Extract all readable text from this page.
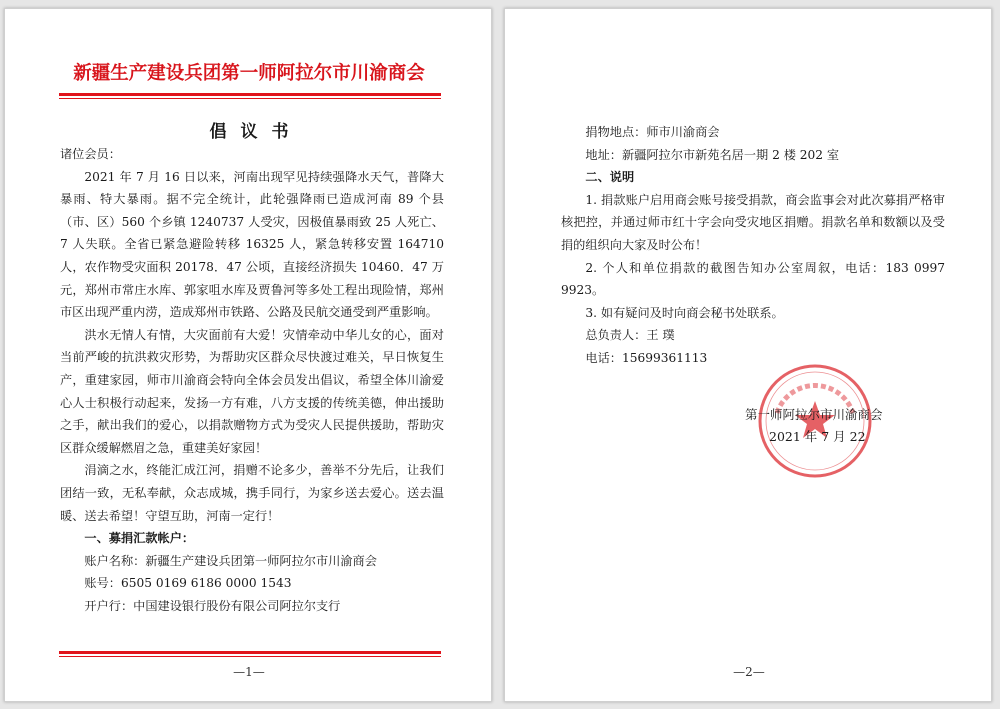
新疆生产建设兵团第一师阿拉尔市川渝商会
倡议书

诸位会员：

2021 年 7 月 16 日以来，河南出现罕见持续强降水天气，普降大暴雨、特大暴雨。据不完全统计，此轮强降雨已造成河南 89 个县（市、区）560 个乡镇 1240737 人受灾，因极值暴雨致 25 人死亡、7 人失联。全省已紧急避险转移 16325 人，紧急转移安置 164710 人，农作物受灾面积 20178．47 公顷，直接经济损失 10460．47 万元，郑州市常庄水库、郭家咀水库及贾鲁河等多处工程出现险情，郑州市区出现严重内涝，造成郑州市铁路、公路及民航交通受到严重影响。

洪水无情人有情，大灾面前有大爱！灾情牵动中华儿女的心，面对当前严峻的抗洪救灾形势，为帮助灾区群众尽快渡过难关，早日恢复生产，重建家园，师市川渝商会特向全体会员发出倡议，希望全体川渝爱心人士积极行动起来，发扬一方有难，八方支援的传统美德，伸出援助之手，献出我们的爱心，以捐款赠物方式为受灾人民提供援助，帮助灾区群众缓解燃眉之急，重建美好家园！

涓滴之水，终能汇成江河，捐赠不论多少，善举不分先后，让我们团结一致，无私奉献，众志成城，携手同行，为家乡送去爱心。送去温暖、送去希望！守望互助，河南一定行！

一、募捐汇款帐户：

账户名称：新疆生产建设兵团第一师阿拉尔市川渝商会

账号：6505 0169 6186 0000 1543

开户行：中国建设银行股份有限公司阿拉尔支行

—1—

捐物地点：师市川渝商会

地址：新疆阿拉尔市新苑名居一期 2 楼 202 室

二、说明

1. 捐款账户启用商会账号接受捐款，商会监事会对此次募捐严格审核把控，并通过师市红十字会向受灾地区捐赠。捐款名单和数额以及受捐的组织向大家及时公布！

2. 个人和单位捐款的截图告知办公室周叙，电话：183 0997 9923。

3. 如有疑问及时向商会秘书处联系。

总负责人：王 璞

电话：15699361113

第一师阿拉尔市川渝商会
2021 年 7 月 22
—2—
